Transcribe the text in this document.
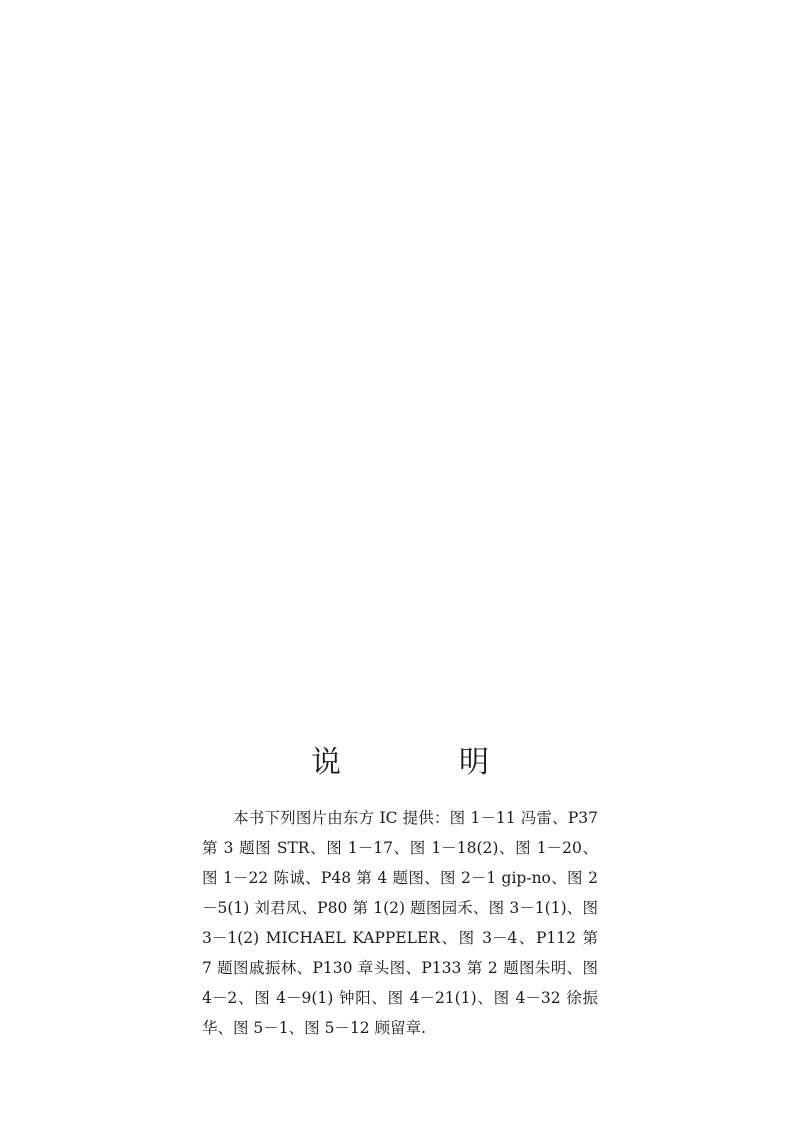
说　明

本书下列图片由东方 IC 提供：图 1－11 冯雷、P37 第 3 题图 STR、图 1－17、图 1－18(2)、图 1－20、图 1－22 陈诚、P48 第 4 题图、图 2－1 gip-no、图 2－5(1) 刘君凤、P80 第 1(2) 题图园禾、图 3－1(1)、图 3－1(2) MICHAEL KAPPELER、图 3－4、P112 第 7 题图戚振林、P130 章头图、P133 第 2 题图朱明、图 4－2、图 4－9(1) 钟阳、图 4－21(1)、图 4－32 徐振华、图 5－1、图 5－12 顾留章.
